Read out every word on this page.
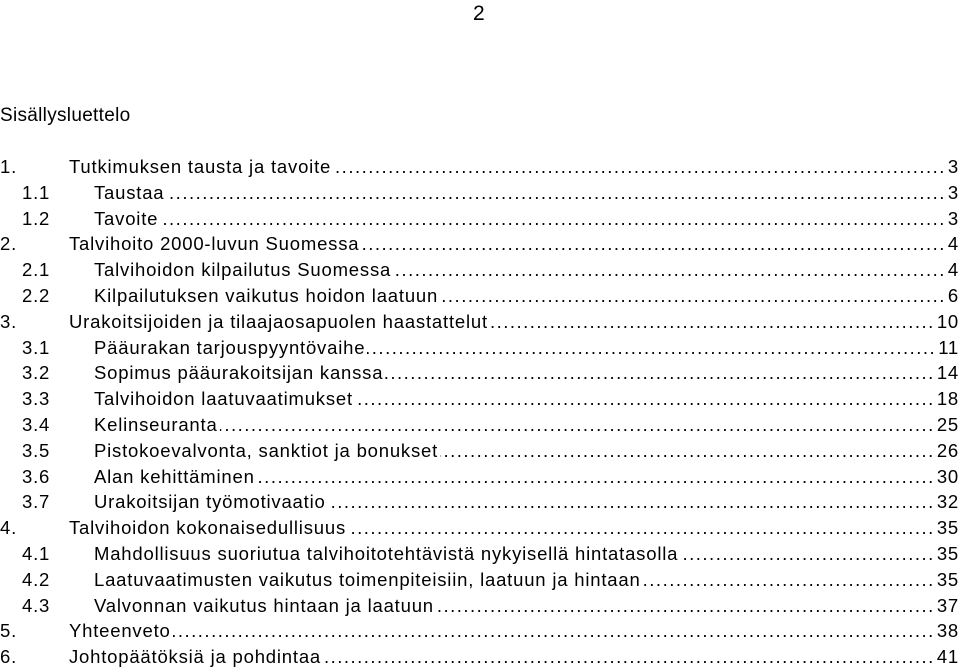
2
Sisällysluettelo
1.	Tutkimuksen tausta ja tavoite .....	3
1.1 Taustaa .....	3
1.2 Tavoite .....	3
2.	Talvihoito 2000-luvun Suomessa .....	4
2.1 Talvihoidon kilpailutus Suomessa .....	4
2.2 Kilpailutuksen vaikutus hoidon laatuun .....	6
3.	Urakoitsijoiden ja tilaajaosapuolen haastattelut .....	10
3.1 Pääurakan tarjouspyyntövaihe .....	11
3.2 Sopimus pääurakoitsijan kanssa .....	14
3.3 Talvihoidon laatuvaatimukset .....	18
3.4 Kelinseuranta .....	25
3.5 Pistokoevalvonta, sanktiot ja bonukset .....	26
3.6 Alan kehittäminen .....	30
3.7 Urakoitsijan työmotivaatio .....	32
4.	Talvihoidon kokonaisedullisuus .....	35
4.1 Mahdollisuus suoriutua talvihoitotehtävistä nykyisellä hintatasolla .....	35
4.2 Laatuvaatimusten vaikutus toimenpiteisiin, laatuun ja hintaan .....	35
4.3 Valvonnan vaikutus hintaan ja laatuun .....	37
5.	Yhteenveto .....	38
6.	Johtopäätöksiä ja pohdintaa .....	41
